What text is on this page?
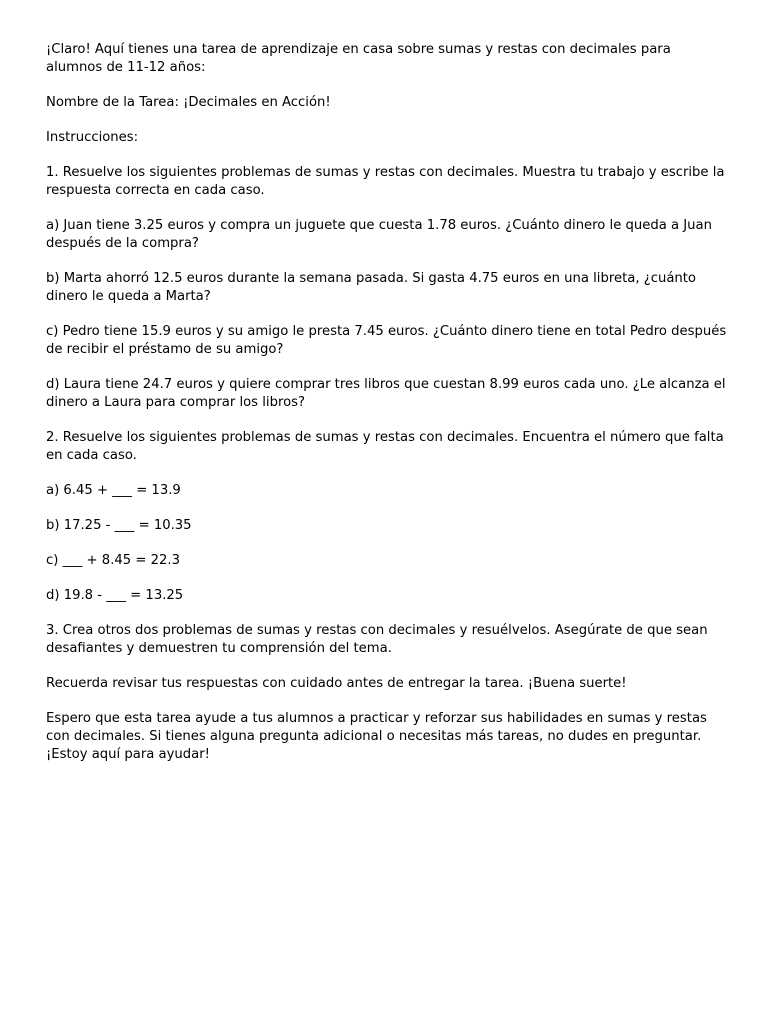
¡Claro! Aquí tienes una tarea de aprendizaje en casa sobre sumas y restas con decimales para alumnos de 11-12 años:

Nombre de la Tarea: ¡Decimales en Acción!

Instrucciones:

1. Resuelve los siguientes problemas de sumas y restas con decimales. Muestra tu trabajo y escribe la respuesta correcta en cada caso.

a) Juan tiene 3.25 euros y compra un juguete que cuesta 1.78 euros. ¿Cuánto dinero le queda a Juan después de la compra?

b) Marta ahorró 12.5 euros durante la semana pasada. Si gasta 4.75 euros en una libreta, ¿cuánto dinero le queda a Marta?

c) Pedro tiene 15.9 euros y su amigo le presta 7.45 euros. ¿Cuánto dinero tiene en total Pedro después de recibir el préstamo de su amigo?

d) Laura tiene 24.7 euros y quiere comprar tres libros que cuestan 8.99 euros cada uno. ¿Le alcanza el dinero a Laura para comprar los libros?

2. Resuelve los siguientes problemas de sumas y restas con decimales. Encuentra el número que falta en cada caso.

a) 6.45 + ___ = 13.9

b) 17.25 - ___ = 10.35

c) ___ + 8.45 = 22.3

d) 19.8 - ___ = 13.25

3. Crea otros dos problemas de sumas y restas con decimales y resuélvelos. Asegúrate de que sean desafiantes y demuestren tu comprensión del tema.

Recuerda revisar tus respuestas con cuidado antes de entregar la tarea. ¡Buena suerte!

Espero que esta tarea ayude a tus alumnos a practicar y reforzar sus habilidades en sumas y restas con decimales. Si tienes alguna pregunta adicional o necesitas más tareas, no dudes en preguntar. ¡Estoy aquí para ayudar!
